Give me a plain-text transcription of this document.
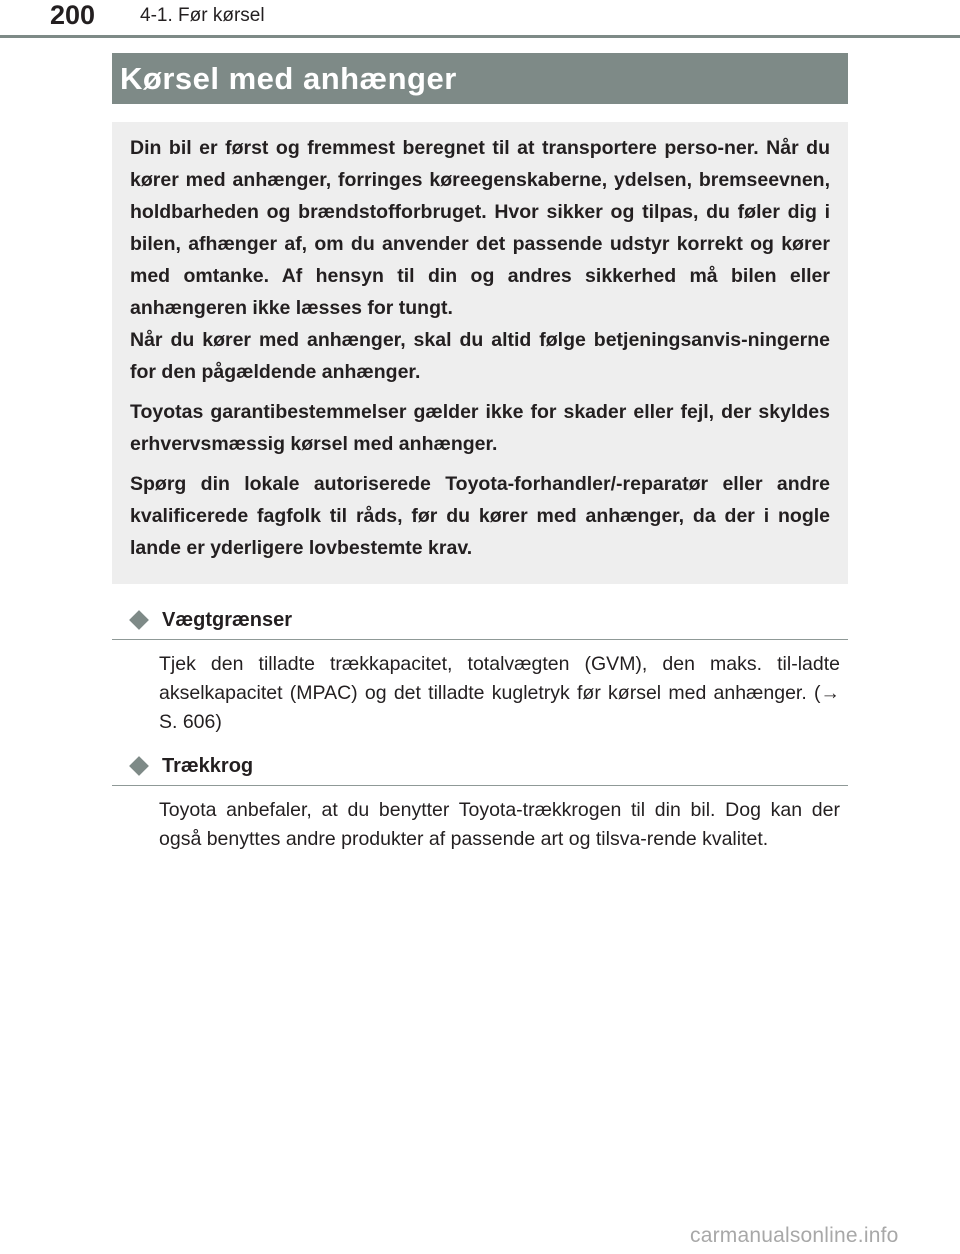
200 4-1. Før kørsel
Kørsel med anhænger

Din bil er først og fremmest beregnet til at transportere perso-ner. Når du kører med anhænger, forringes køreegenskaberne, ydelsen, bremseevnen, holdbarheden og brændstofforbruget. Hvor sikker og tilpas, du føler dig i bilen, afhænger af, om du anvender det passende udstyr korrekt og kører med omtanke. Af hensyn til din og andres sikkerhed må bilen eller anhængeren ikke læsses for tungt.

Når du kører med anhænger, skal du altid følge betjeningsanvis-ningerne for den pågældende anhænger.

Toyotas garantibestemmelser gælder ikke for skader eller fejl, der skyldes erhvervsmæssig kørsel med anhænger.

Spørg din lokale autoriserede Toyota-forhandler/-reparatør eller andre kvalificerede fagfolk til råds, før du kører med anhænger, da der i nogle lande er yderligere lovbestemte krav.

Vægtgrænser
Tjek den tilladte trækkapacitet, totalvægten (GVM), den maks. til-ladte akselkapacitet (MPAC) og det tilladte kugletryk før kørsel med anhænger. (→S. 606)
Trækkrog
Toyota anbefaler, at du benytter Toyota-trækkrogen til din bil. Dog kan der også benyttes andre produkter af passende art og tilsva-rende kvalitet.
carmanualsonline.info
